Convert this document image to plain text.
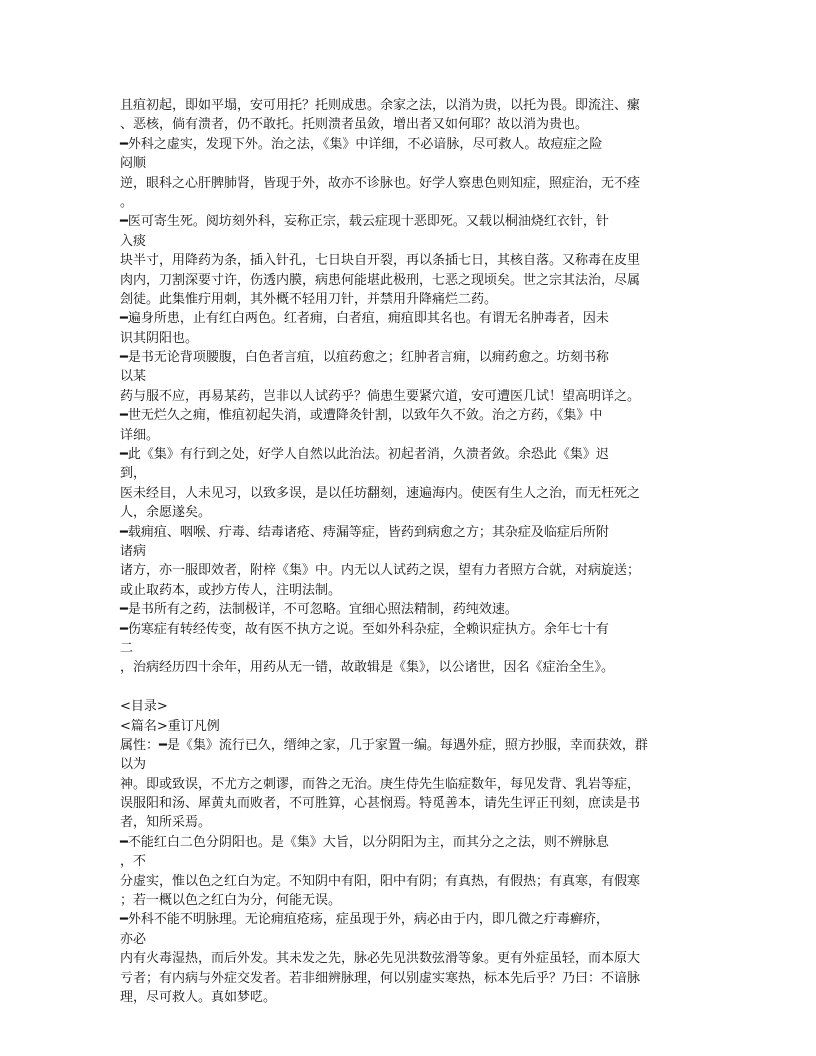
且疽初起，即如平塌，安可用托？托则成患。余家之法，以消为贵，以托为畏。即流注、瘰
、恶核，倘有溃者，仍不敢托。托则溃者虽敛，增出者又如何耶？故以消为贵也。
━外科之虚实，发现下外。治之法，《集》中详细，不必谙脉，尽可救人。故痘症之险
闷顺
逆，眼科之心肝脾肺肾，皆现于外，故亦不诊脉也。好学人察患色则知症，照症治，无不痊
。
━医可寄生死。阅坊刻外科，妄称正宗，载云症现十恶即死。又载以桐油烧红衣针，针
入痰
块半寸，用降药为条，插入针孔，七日块自开裂，再以条插七日，其核自落。又称毒在皮里
肉内，刀割深要寸许，伤透内膜，病患何能堪此极刑，七恶之现顷矣。世之宗其法治，尽属
刽徒。此集惟疔用刺，其外概不轻用刀针，并禁用升降痛烂二药。
━遍身所患，止有红白两色。红者痈，白者疽，痈疽即其名也。有谓无名肿毒者，因未
识其阴阳也。
━是书无论背项腰腹，白色者言疽，以疽药愈之；红肿者言痈，以痈药愈之。坊刻书称
以某
药与服不应，再易某药，岂非以人试药乎？倘患生要紧穴道，安可遭医几试！望高明详之。
━世无烂久之痈，惟疽初起失消，或遭降灸针割，以致年久不敛。治之方药，《集》中
详细。
━此《集》有行到之处，好学人自然以此治法。初起者消，久溃者敛。余恐此《集》迟
到，
医未经目，人未见习，以致多误，是以任坊翻刻，速遍海内。使医有生人之治，而无枉死之
人，余愿遂矣。
━载痈疽、咽喉、疔毒、结毒诸疮、痔漏等症，皆药到病愈之方；其杂症及临症后所附
诸病
诸方，亦一服即效者，附梓《集》中。内无以人试药之误，望有力者照方合就，对病旋送；
或止取药本，或抄方传人，注明法制。
━是书所有之药，法制极详，不可忽略。宜细心照法精制，药纯效速。
━伤寒症有转经传变，故有医不执方之说。至如外科杂症，全赖识症执方。余年七十有
二
，治病经历四十余年，用药从无一错，故敢辑是《集》，以公诸世，因名《症治全生》。
<目录>
<篇名>重订凡例
属性：━是《集》流行已久，缙绅之家，几于家置一编。每遇外症，照方抄服，幸而获效，群
以为
神。即或致误，不尤方之刺谬，而咎之无治。庚生侍先生临症数年，每见发背、乳岩等症，
误服阳和汤、犀黄丸而败者，不可胜算，心甚悯焉。特觅善本，请先生评正刊刻，庶读是书
者，知所采焉。
━不能红白二色分阴阳也。是《集》大旨，以分阴阳为主，而其分之之法，则不辨脉息
，不
分虚实，惟以色之红白为定。不知阴中有阳，阳中有阴；有真热，有假热；有真寒，有假寒
；若一概以色之红白为分，何能无误。
━外科不能不明脉理。无论痈疽疮疡，症虽现于外，病必由于内，即几微之疔毒癣疥，
亦必
内有火毒湿热，而后外发。其未发之先，脉必先见洪数弦滑等象。更有外症虽轻，而本原大
亏者；有内病与外症交发者。若非细辨脉理，何以别虚实寒热，标本先后乎？乃曰：不谙脉
理，尽可救人。真如梦呓。
